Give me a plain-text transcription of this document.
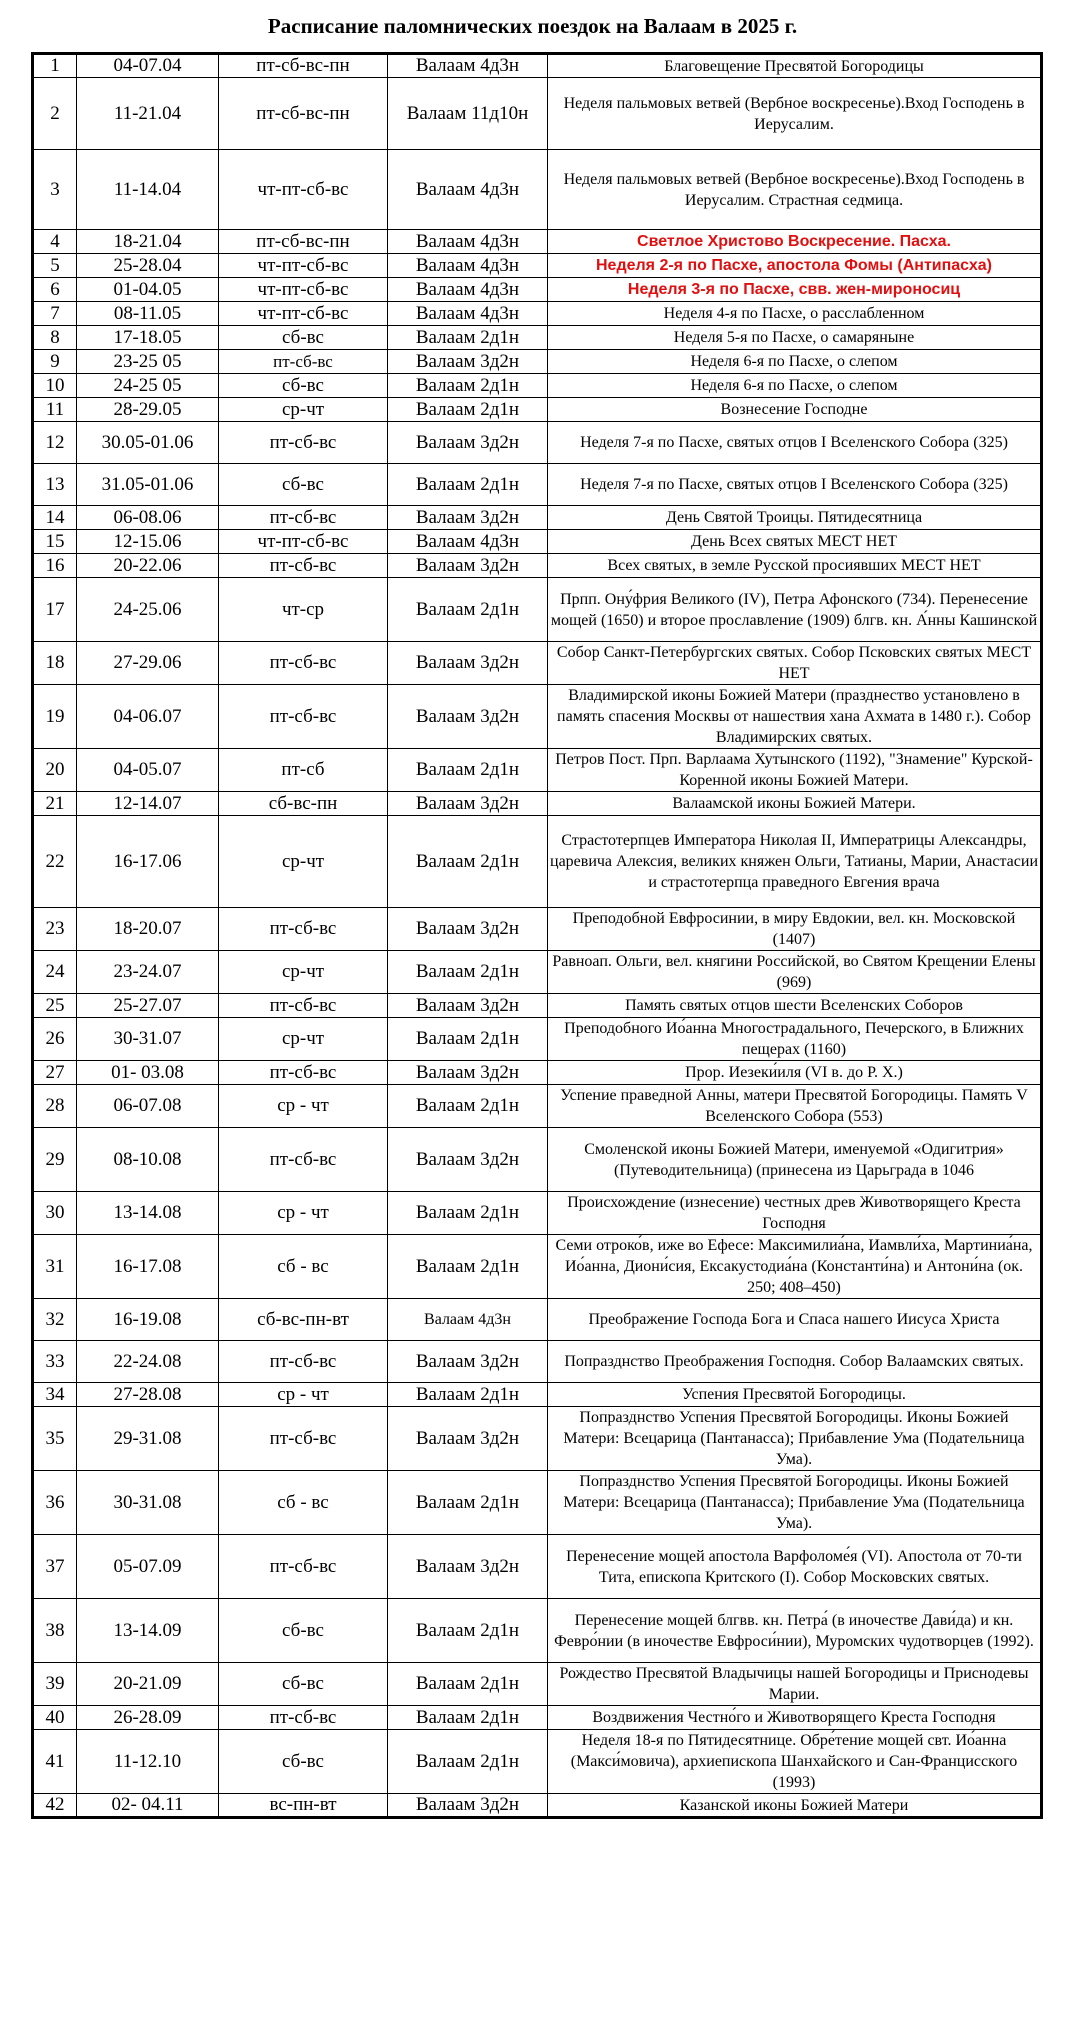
Расписание паломнических поездок на Валаам в 2025 г.
1	04-07.04	пт-сб-вс-пн	Валаам 4д3н	Благовещение Пресвятой Богородицы
2	11-21.04	пт-сб-вс-пн	Валаам 11д10н	Неделя пальмовых ветвей (Вербное воскресенье).Вход Господень в Иерусалим.
3	11-14.04	чт-пт-сб-вс	Валаам 4д3н	Неделя пальмовых ветвей (Вербное воскресенье).Вход Господень в Иерусалим. Страстная седмица.
4	18-21.04	пт-сб-вс-пн	Валаам 4д3н	Светлое Христово Воскресение. Пасха.
5	25-28.04	чт-пт-сб-вс	Валаам 4д3н	Неделя 2-я по Пасхе, апостола Фомы (Антипасха)
6	01-04.05	чт-пт-сб-вс	Валаам 4д3н	Неделя 3-я по Пасхе, свв. жен-мироносиц
7	08-11.05	чт-пт-сб-вс	Валаам 4д3н	Неделя 4-я по Пасхе, о расслабленном
8	17-18.05	сб-вс	Валаам 2д1н	Неделя 5-я по Пасхе, о самаряныне
9	23-25 05	пт-сб-вс	Валаам 3д2н	Неделя 6-я по Пасхе, о слепом
10	24-25 05	сб-вс	Валаам 2д1н	Неделя 6-я по Пасхе, о слепом
11	28-29.05	ср-чт	Валаам 2д1н	Вознесение Господне
12	30.05-01.06	пт-сб-вс	Валаам 3д2н	Неделя 7-я по Пасхе, святых отцов I Вселенского Собора (325)
13	31.05-01.06	сб-вс	Валаам 2д1н	Неделя 7-я по Пасхе, святых отцов I Вселенского Собора (325)
14	06-08.06	пт-сб-вс	Валаам 3д2н	День Святой Троицы. Пятидесятница
15	12-15.06	чт-пт-сб-вс	Валаам 4д3н	День Всех святых МЕСТ НЕТ
16	20-22.06	пт-сб-вс	Валаам 3д2н	Всех святых, в земле Русской просиявших МЕСТ НЕТ
17	24-25.06	чт-ср	Валаам 2д1н	Прпп. Ону́фрия Великого (IV), Петра Афонского (734). Перенесение мощей (1650) и второе прославление (1909) блгв. кн. А́нны Кашинской
18	27-29.06	пт-сб-вс	Валаам 3д2н	Собор Санкт-Петербургских святых. Собор Псковских святых МЕСТ НЕТ
19	04-06.07	пт-сб-вс	Валаам 3д2н	Владимирской иконы Божией Матери (празднество установлено в память спасения Москвы от нашествия хана Ахмата в 1480 г.). Собор Владимирских святых.
20	04-05.07	пт-сб	Валаам 2д1н	Петров Пост. Прп. Варлаама Хутынского (1192), "Знамение" Курской-Коренной иконы Божией Матери.
21	12-14.07	сб-вс-пн	Валаам 3д2н	Валаамской иконы Божией Матери.
22	16-17.06	ср-чт	Валаам 2д1н	Страстотерпцев Императора Николая II, Императрицы Александры, царевича Алексия, великих княжен Ольги, Татианы, Марии, Анастасии и страстотерпца праведного Евгения врача
23	18-20.07	пт-сб-вс	Валаам 3д2н	Преподобной Евфросинии, в миру Евдокии, вел. кн. Московской (1407)
24	23-24.07	ср-чт	Валаам 2д1н	Равноап. Ольги, вел. княгини Российской, во Святом Крещении Елены (969)
25	25-27.07	пт-сб-вс	Валаам 3д2н	Память святых отцов шести Вселенских Соборов
26	30-31.07	ср-чт	Валаам 2д1н	Преподобного Ио́анна Многострадального, Печерского, в Ближних пещерах (1160)
27	01- 03.08	пт-сб-вс	Валаам 3д2н	Прор. Иезеки́иля (VI в. до Р. Х.)
28	06-07.08	ср - чт	Валаам 2д1н	Успение праведной Анны, матери Пресвятой Богородицы. Память V Вселенского Собора (553)
29	08-10.08	пт-сб-вс	Валаам 3д2н	Смоленской иконы Божией Матери, именуемой «Одигитрия» (Путеводительница) (принесена из Царьграда в 1046
30	13-14.08	ср - чт	Валаам 2д1н	Происхождение (изнесение) честных древ Животворящего Креста Господня
31	16-17.08	сб - вс	Валаам 2д1н	Семи отроко́в, иже во Ефесе: Максимилиа́на, Иамвли́ха, Мартиниа́на, Ио́анна, Диони́сия, Ексакустодиа́на (Константи́на) и Антони́на (ок. 250; 408–450)
32	16-19.08	сб-вс-пн-вт	Валаам 4д3н	Преображение Господа Бога и Спаса нашего Иисуса Христа
33	22-24.08	пт-сб-вс	Валаам 3д2н	Попразднство Преображения Господня. Собор Валаамских святых.
34	27-28.08	ср - чт	Валаам 2д1н	Успения Пресвятой Богородицы.
35	29-31.08	пт-сб-вс	Валаам 3д2н	Попразднство Успения Пресвятой Богородицы. Иконы Божией Матери: Всецарица (Пантанасса); Прибавление Ума (Подательница Ума).
36	30-31.08	сб - вс	Валаам 2д1н	Попразднство Успения Пресвятой Богородицы. Иконы Божией Матери: Всецарица (Пантанасса); Прибавление Ума (Подательница Ума).
37	05-07.09	пт-сб-вс	Валаам 3д2н	Перенесение мощей апостола Варфоломе́я (VI). Апостола от 70-ти Тита, епископа Критского (I). Собор Московских святых.
38	13-14.09	сб-вс	Валаам 2д1н	Перенесение мощей блгвв. кн. Петра́ (в иночестве Дави́да) и кн. Февро́нии (в иночестве Евфроси́нии), Муромских чудотворцев (1992).
39	20-21.09	сб-вс	Валаам 2д1н	Рождество Пресвятой Владычицы нашей Богородицы и Приснодевы Марии.
40	26-28.09	пт-сб-вс	Валаам 2д1н	Воздвижения Честно́го и Животворящего Креста Господня
41	11-12.10	сб-вс	Валаам 2д1н	Неделя 18-я по Пятидесятнице. Обре́тение мощей свт. Ио́анна (Макси́мовича), архиепископа Шанхайского и Сан-Францисского (1993)
42	02- 04.11	вс-пн-вт	Валаам 3д2н	Казанской иконы Божией Матери
